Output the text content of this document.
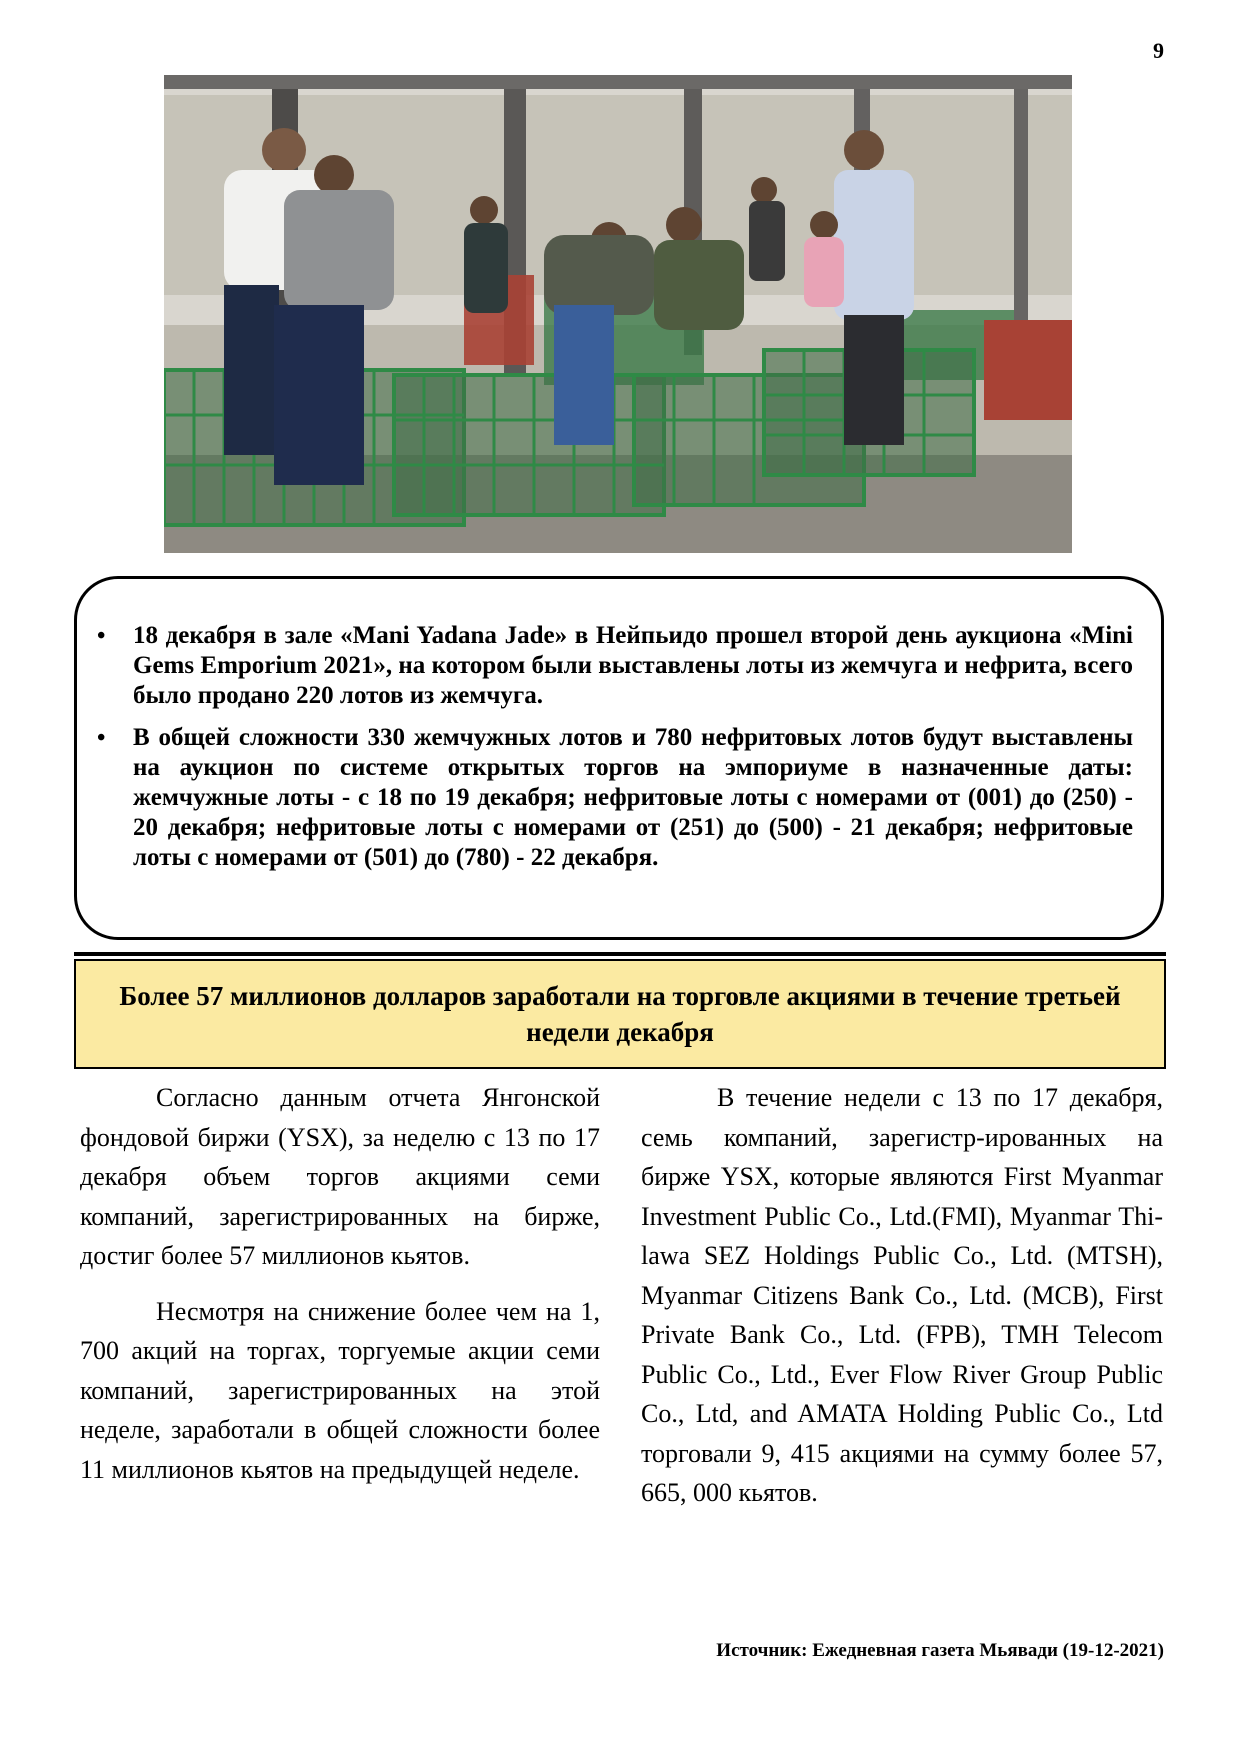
9
• 18 декабря в зале «Mani Yadana Jade» в Нейпьидо прошел второй день аукциона «Mini Gems Emporium 2021», на котором были выставлены лоты из жемчуга и нефрита, всего было продано 220 лотов из жемчуга.
• В общей сложности 330 жемчужных лотов и 780 нефритовых лотов будут выставлены на аукцион по системе открытых торгов на эмпориуме в назначенные даты: жемчужные лоты - с 18 по 19 декабря; нефритовые лоты с номерами от (001) до (250) - 20 декабря; нефритовые лоты с номерами от (251) до (500) - 21 декабря; нефритовые лоты с номерами от (501) до (780) - 22 декабря.
Более 57 миллионов долларов заработали на торговле акциями в течение третьей недели декабря

Согласно данным отчета Янгонской фондовой биржи (YSX), за неделю с 13 по 17 декабря объем торгов акциями семи компаний, зарегистрированных на бирже, достиг более 57 миллионов кьятов.

Несмотря на снижение более чем на 1, 700 акций на торгах, торгуемые акции семи компаний, зарегистрированных на этой неделе, заработали в общей сложности более 11 миллионов кьятов на предыдущей неделе.

В течение недели с 13 по 17 декабря, семь компаний, зарегистр-ированных на бирже YSX, которые являются First Myanmar Investment Public Co., Ltd.(FMI), Myanmar Thi-lawa SEZ Holdings Public Co., Ltd. (MTSH), Myanmar Citizens Bank Co., Ltd. (MCB), First Private Bank Co., Ltd. (FPB), TMH Telecom Public Co., Ltd., Ever Flow River Group Public Co., Ltd, and AMATA Holding Public Co., Ltd торговали 9, 415 акциями на сумму более 57, 665, 000 кьятов.

Источник: Ежедневная газета Мьявади (19-12-2021)
